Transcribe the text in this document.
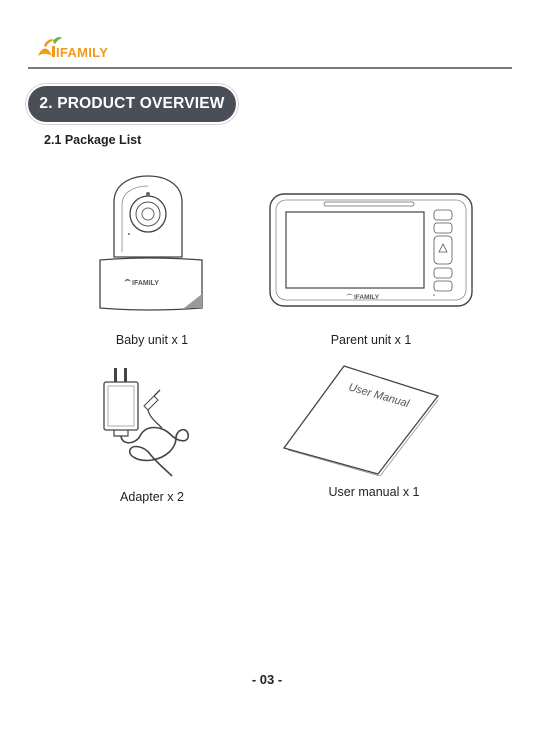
IFAMILY
2. PRODUCT OVERVIEW
2.1 Package List
IFAMILY
Baby unit x 1
IFAMILY
Parent unit x 1
Adapter x 2
User Manual
User manual x 1
- 03 -
